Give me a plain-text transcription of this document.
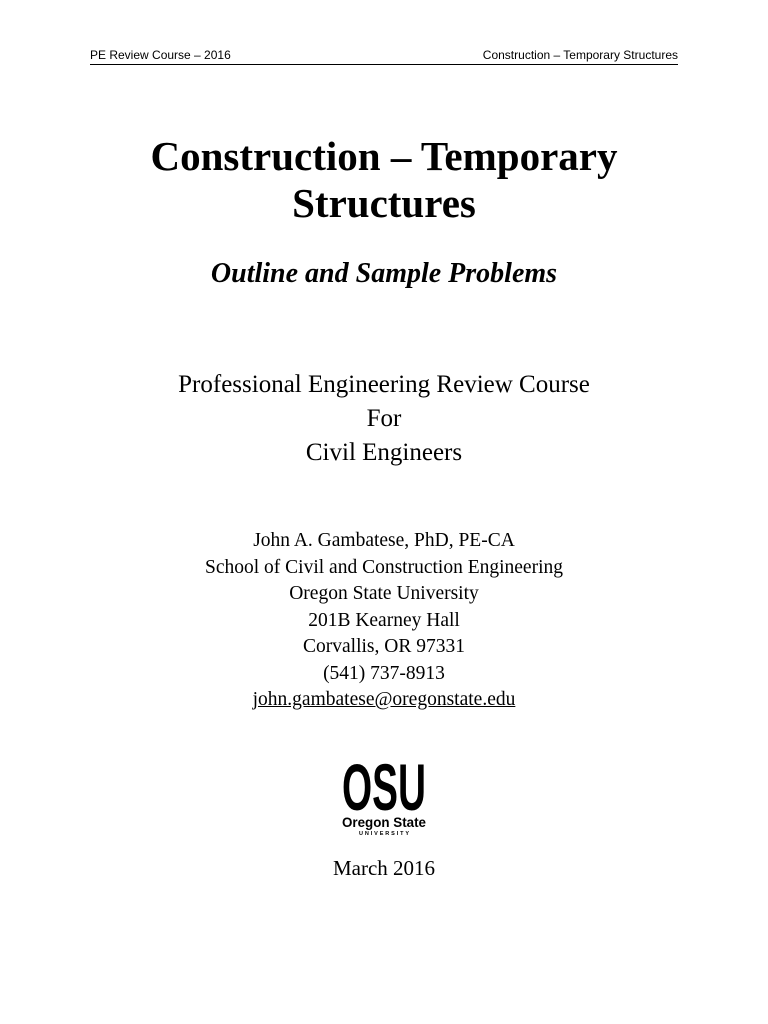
PE Review Course – 2016	Construction – Temporary Structures
Construction – Temporary
Structures
Outline and Sample Problems
Professional Engineering Review Course
For
Civil Engineers
John A. Gambatese, PhD, PE-CA
School of Civil and Construction Engineering
Oregon State University
201B Kearney Hall
Corvallis, OR 97331
(541) 737-8913
john.gambatese@oregonstate.edu
OSU
Oregon State
UNIVERSITY
March 2016
